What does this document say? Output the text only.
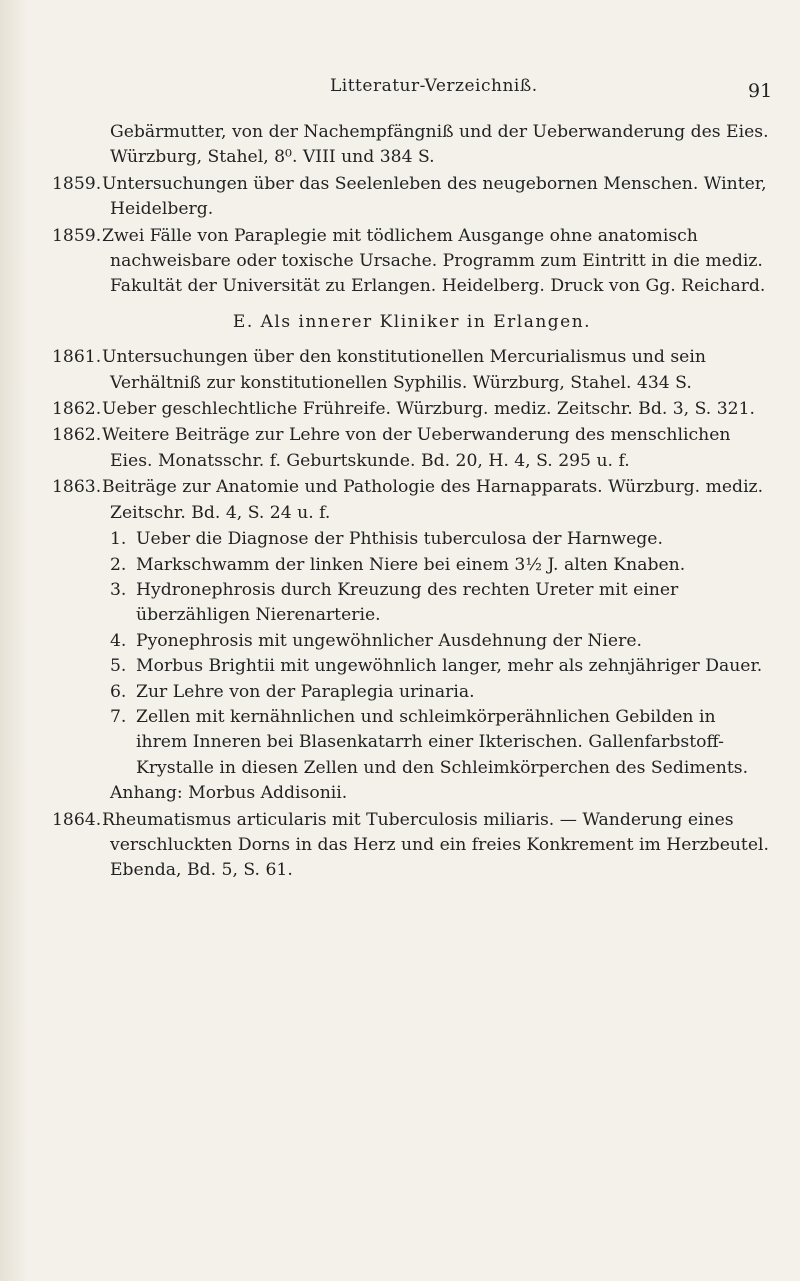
Litteratur-Verzeichniß.	91

Gebärmutter, von der Nachempfängniß und der Ueberwanderung des Eies. Würzburg, Stahel, 8⁰. VIII und 384 S.

1859.Untersuchungen über das Seelenleben des neugebornen Menschen. Winter, Heidelberg.

1859.Zwei Fälle von Paraplegie mit tödlichem Ausgange ohne anatomisch nachweisbare oder toxische Ursache. Programm zum Eintritt in die mediz. Fakultät der Universität zu Erlangen. Heidelberg. Druck von Gg. Reichard.

E. Als innerer Kliniker in Erlangen.

1861.Untersuchungen über den konstitutionellen Mercurialismus und sein Verhältniß zur konstitutionellen Syphilis. Würzburg, Stahel. 434 S.

1862.Ueber geschlechtliche Frühreife. Würzburg. mediz. Zeitschr. Bd. 3, S. 321.

1862.Weitere Beiträge zur Lehre von der Ueberwanderung des menschlichen Eies. Monatsschr. f. Geburtskunde. Bd. 20, H. 4, S. 295 u. f.

1863.Beiträge zur Anatomie und Pathologie des Harnapparats. Würzburg. mediz. Zeitschr. Bd. 4, S. 24 u. f.

1. Ueber die Diagnose der Phthisis tuberculosa der Harnwege.
2. Markschwamm der linken Niere bei einem 3½ J. alten Knaben.
3. Hydronephrosis durch Kreuzung des rechten Ureter mit einer überzähligen Nierenarterie.
4. Pyonephrosis mit ungewöhnlicher Ausdehnung der Niere.
5. Morbus Brightii mit ungewöhnlich langer, mehr als zehnjähriger Dauer.
6. Zur Lehre von der Paraplegia urinaria.
7. Zellen mit kernähnlichen und schleimkörperähnlichen Gebilden in ihrem Inneren bei Blasenkatarrh einer Ikterischen. Gallenfarbstoff-Krystalle in diesen Zellen und den Schleimkörperchen des Sediments.

Anhang: Morbus Addisonii.

1864.Rheumatismus articularis mit Tuberculosis miliaris. — Wanderung eines verschluckten Dorns in das Herz und ein freies Konkrement im Herzbeutel. Ebenda, Bd. 5, S. 61.
